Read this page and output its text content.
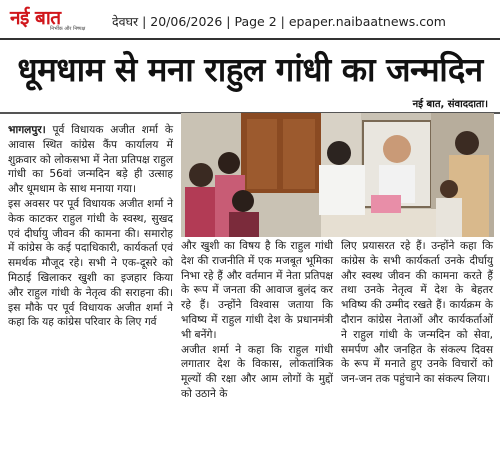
नई बात
निर्भीक और निष्पक्ष देवघर | 20/06/2026 | Page 2 | epaper.naibaatnews.com
धूमधाम से मना राहुल गांधी का जन्मदिन
नई बात, संवाददाता।

भागलपुर। पूर्व विधायक अजीत शर्मा के आवास स्थित कांग्रेस कैंप कार्यालय में शुक्रवार को लोकसभा में नेता प्रतिपक्ष राहुल गांधी का 56वां जन्मदिन बड़े ही उत्साह और धूमधाम के साथ मनाया गया।

इस अवसर पर पूर्व विधायक अजीत शर्मा ने केक काटकर राहुल गांधी के स्वस्थ, सुखद एवं दीर्घायु जीवन की कामना की। समारोह में कांग्रेस के कई पदाधिकारी, कार्यकर्ता एवं समर्थक मौजूद रहे। सभी ने एक-दूसरे को मिठाई खिलाकर खुशी का इजहार किया और राहुल गांधी के नेतृत्व की सराहना की। इस मौके पर पूर्व विधायक अजीत शर्मा ने कहा कि यह कांग्रेस परिवार के लिए गर्व

और खुशी का विषय है कि राहुल गांधी देश की राजनीति में एक मजबूत भूमिका निभा रहे हैं और वर्तमान में नेता प्रतिपक्ष के रूप में जनता की आवाज बुलंद कर रहे हैं। उन्होंने विश्वास जताया कि भविष्य में राहुल गांधी देश के प्रधानमंत्री भी बनेंगे।

अजीत शर्मा ने कहा कि राहुल गांधी लगातार देश के विकास, लोकतांत्रिक मूल्यों की रक्षा और आम लोगों के मुद्दों को उठाने के

लिए प्रयासरत रहे हैं। उन्होंने कहा कि कांग्रेस के सभी कार्यकर्ता उनके दीर्घायु और स्वस्थ जीवन की कामना करते हैं तथा उनके नेतृत्व में देश के बेहतर भविष्य की उम्मीद रखते हैं। कार्यक्रम के दौरान कांग्रेस नेताओं और कार्यकर्ताओं ने राहुल गांधी के जन्मदिन को सेवा, समर्पण और जनहित के संकल्प दिवस के रूप में मनाते हुए उनके विचारों को जन-जन तक पहुंचाने का संकल्प लिया।
